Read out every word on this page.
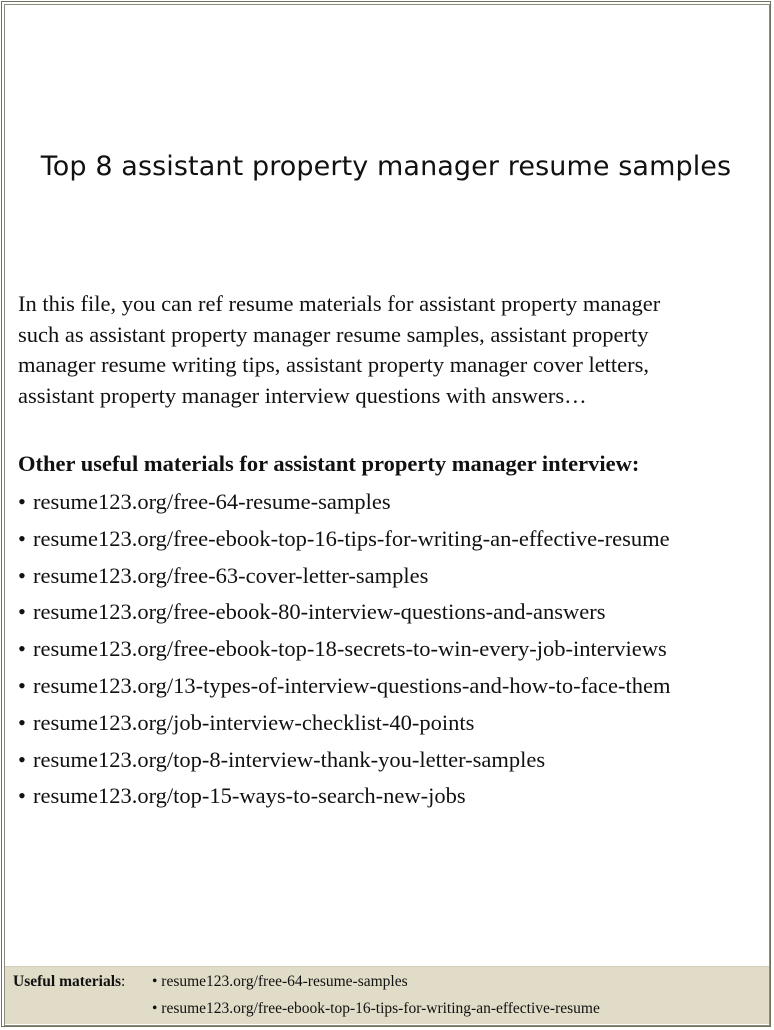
Top 8 assistant property manager resume samples

In this file, you can ref resume materials for assistant property manager
such as assistant property manager resume samples, assistant property
manager resume writing tips, assistant property manager cover letters,
assistant property manager interview questions with answers…

Other useful materials for assistant property manager interview:
• resume123.org/free-64-resume-samples
• resume123.org/free-ebook-top-16-tips-for-writing-an-effective-resume
• resume123.org/free-63-cover-letter-samples
• resume123.org/free-ebook-80-interview-questions-and-answers
• resume123.org/free-ebook-top-18-secrets-to-win-every-job-interviews
• resume123.org/13-types-of-interview-questions-and-how-to-face-them
• resume123.org/job-interview-checklist-40-points
• resume123.org/top-8-interview-thank-you-letter-samples
• resume123.org/top-15-ways-to-search-new-jobs
Useful materials: • resume123.org/free-64-resume-samples
• resume123.org/free-ebook-top-16-tips-for-writing-an-effective-resume
